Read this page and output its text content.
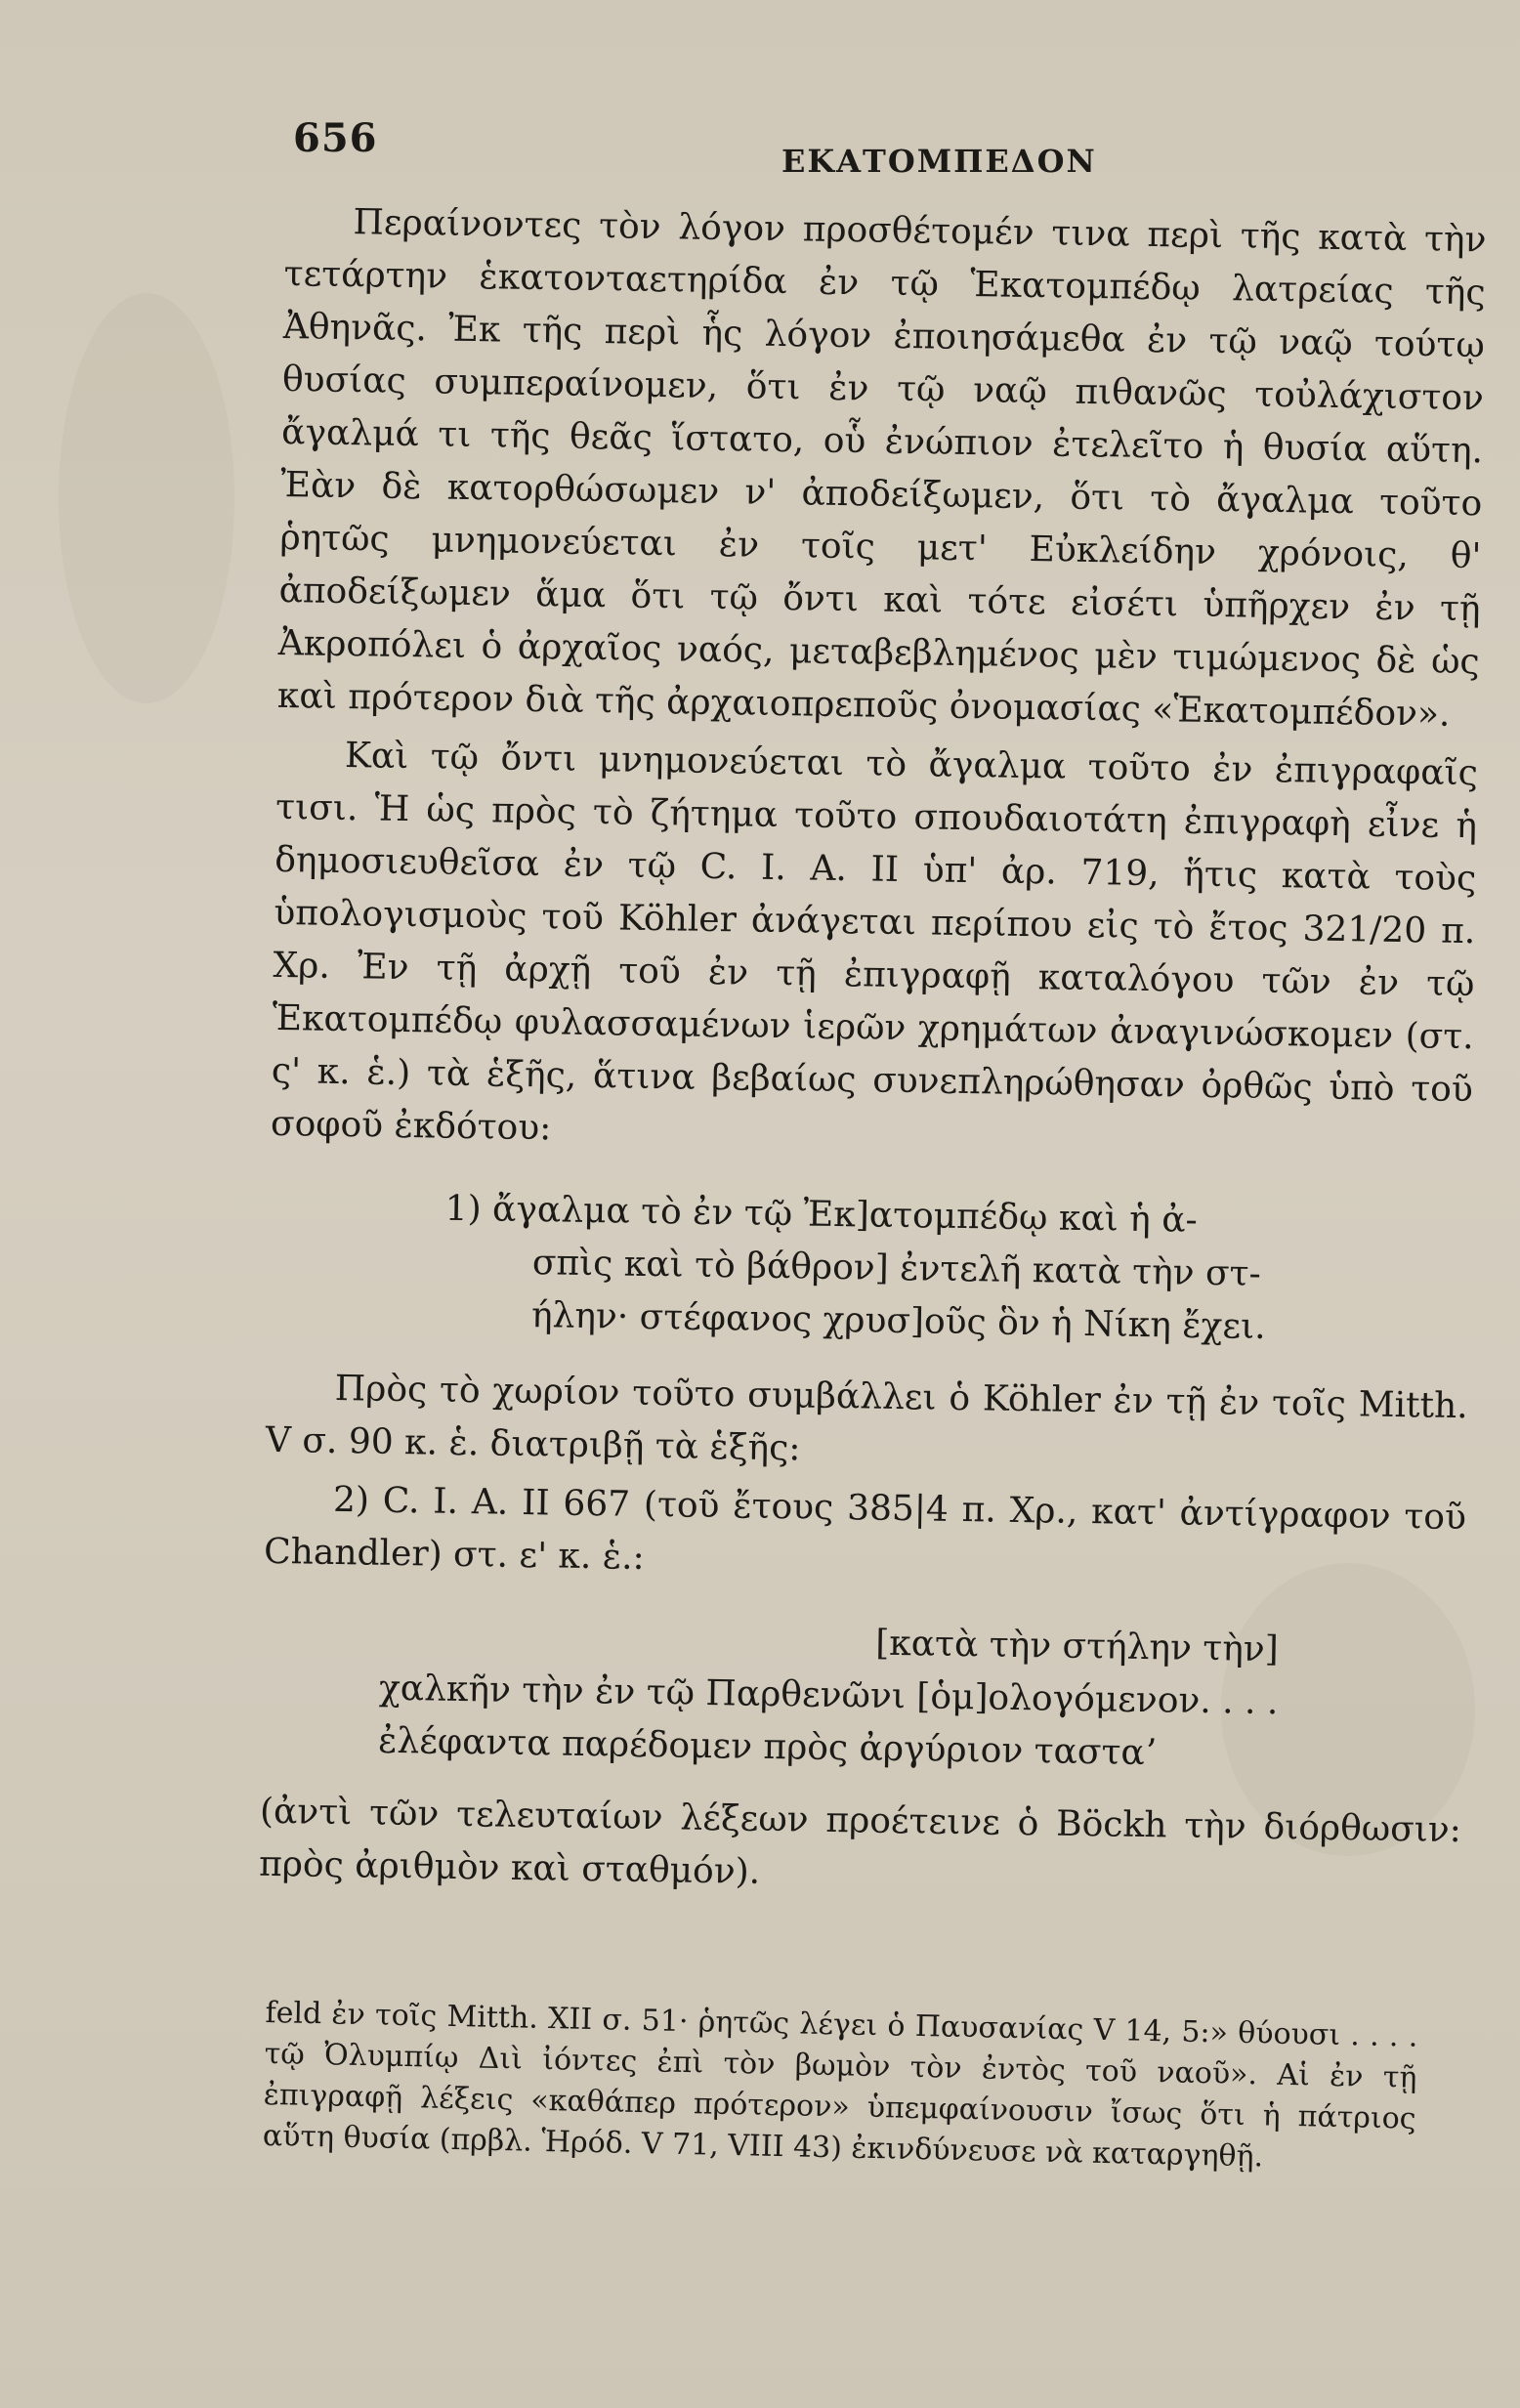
656	ΕΚΑΤΟΜΠΕΔΟΝ

Περαίνοντες τὸν λόγον προσθέτομέν τινα περὶ τῆς κατὰ τὴν τετάρτην ἑκατονταετηρίδα ἐν τῷ Ἑκατομπέδῳ λατρείας τῆς Ἀθηνᾶς. Ἐκ τῆς περὶ ἧς λόγον ἐποιησάμεθα ἐν τῷ ναῷ τούτῳ θυσίας συμπεραίνομεν, ὅτι ἐν τῷ ναῷ πιθανῶς τοὐλάχιστον ἄγαλμά τι τῆς θεᾶς ἵστατο, οὗ ἐνώπιον ἐτελεῖτο ἡ θυσία αὕτη. Ἐὰν δὲ κατορθώσωμεν ν' ἀποδείξωμεν, ὅτι τὸ ἄγαλμα τοῦτο ῥητῶς μνημονεύεται ἐν τοῖς μετ' Εὐκλείδην χρόνοις, θ' ἀποδείξωμεν ἅμα ὅτι τῷ ὄντι καὶ τότε εἰσέτι ὑπῆρχεν ἐν τῇ Ἀκροπόλει ὁ ἀρχαῖος ναός, μεταβεβλημένος μὲν τιμώμενος δὲ ὡς καὶ πρότερον διὰ τῆς ἀρχαιοπρεποῦς ὀνομασίας «Ἑκατομπέδον».

Καὶ τῷ ὄντι μνημονεύεται τὸ ἄγαλμα τοῦτο ἐν ἐπιγραφαῖς τισι. Ἡ ὡς πρὸς τὸ ζήτημα τοῦτο σπουδαιοτάτη ἐπιγραφὴ εἶνε ἡ δημοσιευθεῖσα ἐν τῷ C. I. A. II ὑπ' ἀρ. 719, ἥτις κατὰ τοὺς ὑπολογισμοὺς τοῦ Köhler ἀνάγεται περίπου εἰς τὸ ἔτος 321/20 π. Χρ. Ἐν τῇ ἀρχῇ τοῦ ἐν τῇ ἐπιγραφῇ καταλόγου τῶν ἐν τῷ Ἑκατομπέδῳ φυλασσαμένων ἱερῶν χρημάτων ἀναγινώσκομεν (στ. ς' κ. ἑ.) τὰ ἑξῆς, ἅτινα βεβαίως συνεπληρώθησαν ὀρθῶς ὑπὸ τοῦ σοφοῦ ἐκδότου:

1) ἄγαλμα τὸ ἐν τῷ Ἐκ]ατομπέδῳ καὶ ἡ ἀ-
σπὶς καὶ τὸ βάθρον] ἐντελῆ κατὰ τὴν στ-
ήλην· στέφανος χρυσ]οῦς ὃν ἡ Νίκη ἔχει.

Πρὸς τὸ χωρίον τοῦτο συμβάλλει ὁ Köhler ἐν τῇ ἐν τοῖς Mitth. V σ. 90 κ. ἑ. διατριβῇ τὰ ἑξῆς:

2) C. I. A. II 667 (τοῦ ἔτους 385|4 π. Χρ., κατ' ἀντίγραφον τοῦ Chandler) στ. ε' κ. ἑ.:

[κατὰ τὴν στήλην τὴν]
χαλκῆν τὴν ἐν τῷ Παρθενῶνι [ὁμ]ολογόμενον. . . .
ἐλέφαντα παρέδομεν πρὸς ἀργύριον τασταʼ

(ἀντὶ τῶν τελευταίων λέξεων προέτεινε ὁ Böckh τὴν διόρθωσιν: πρὸς ἀριθμὸν καὶ σταθμόν).

feld ἐν τοῖς Mitth. XII σ. 51· ῥητῶς λέγει ὁ Παυσανίας V 14, 5:» θύουσι . . . . τῷ Ὀλυμπίῳ Διὶ ἰόντες ἐπὶ τὸν βωμὸν τὸν ἐντὸς τοῦ ναοῦ». Αἱ ἐν τῇ ἐπιγραφῇ λέξεις «καθάπερ πρότερον» ὑπεμφαίνουσιν ἴσως ὅτι ἡ πάτριος αὕτη θυσία (πρβλ. Ἡρόδ. V 71, VIII 43) ἐκινδύνευσε νὰ καταργηθῇ.
